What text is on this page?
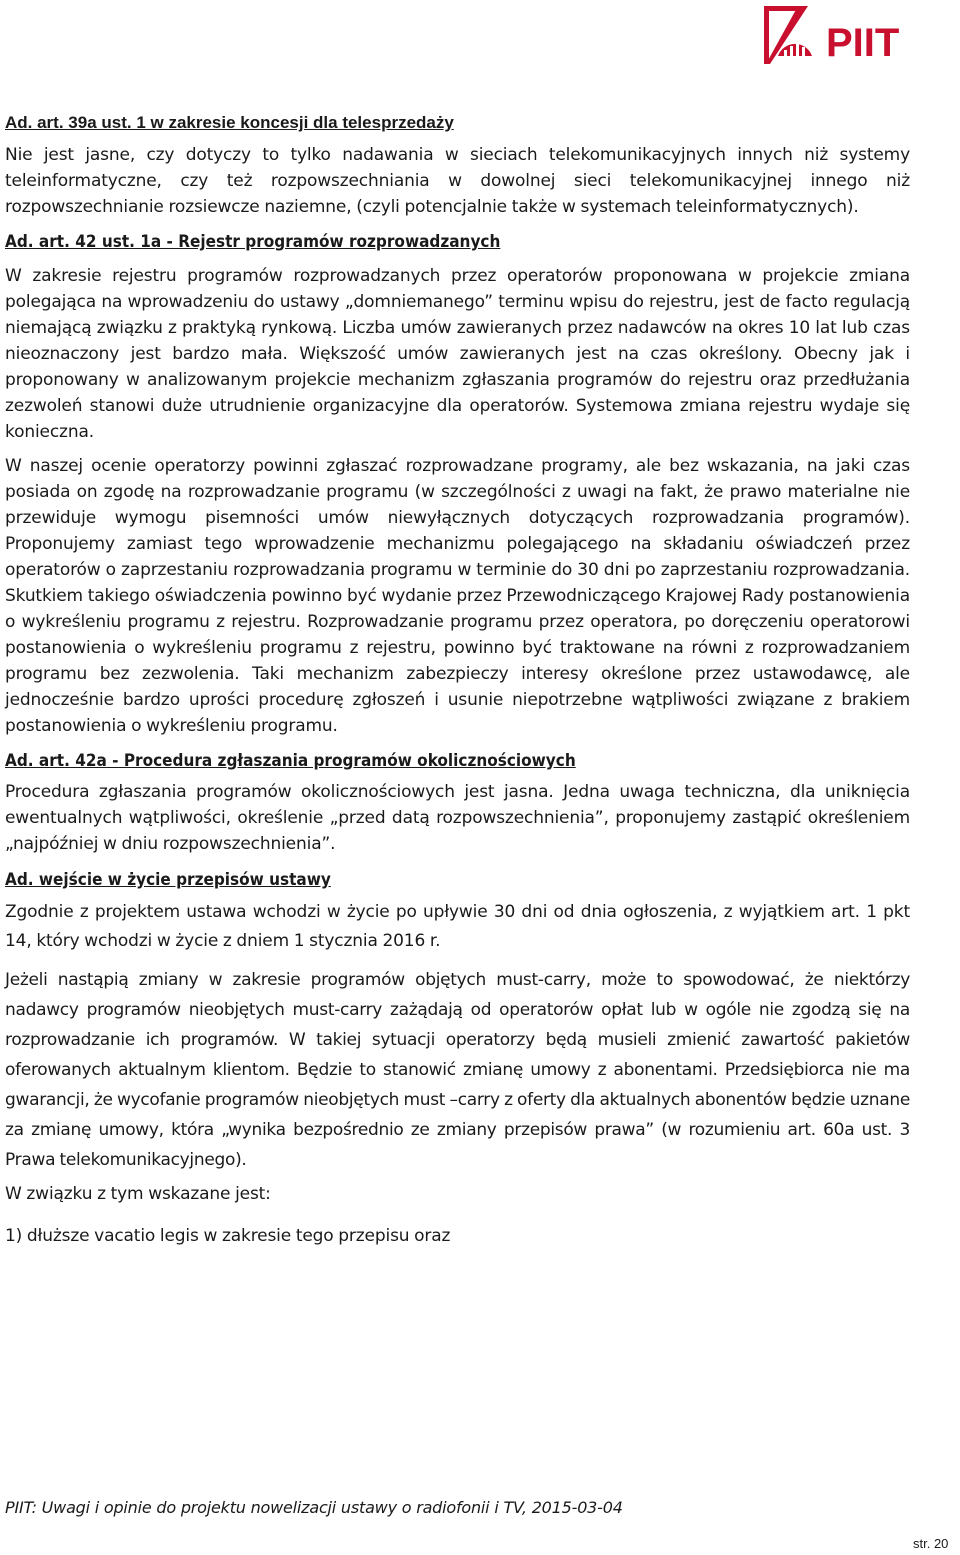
PIIT
Ad. art. 39a ust. 1 w zakresie koncesji dla telesprzedaży

Nie jest jasne, czy dotyczy to tylko nadawania w sieciach telekomunikacyjnych innych niż systemy teleinformatyczne, czy też rozpowszechniania w dowolnej sieci telekomunikacyjnej innego niż rozpowszechnianie rozsiewcze naziemne, (czyli potencjalnie także w systemach teleinformatycznych).

Ad. art. 42 ust. 1a - Rejestr programów rozprowadzanych

W zakresie rejestru programów rozprowadzanych przez operatorów proponowana w projekcie zmiana polegająca na wprowadzeniu do ustawy „domniemanego” terminu wpisu do rejestru, jest de facto regulacją niemającą związku z praktyką rynkową. Liczba umów zawieranych przez nadawców na okres 10 lat lub czas nieoznaczony jest bardzo mała. Większość umów zawieranych jest na czas określony. Obecny jak i proponowany w analizowanym projekcie mechanizm zgłaszania programów do rejestru oraz przedłużania zezwoleń stanowi duże utrudnienie organizacyjne dla operatorów. Systemowa zmiana rejestru wydaje się konieczna.

W naszej ocenie operatorzy powinni zgłaszać rozprowadzane programy, ale bez wskazania, na jaki czas posiada on zgodę na rozprowadzanie programu (w szczególności z uwagi na fakt, że prawo materialne nie przewiduje wymogu pisemności umów niewyłącznych dotyczących rozprowadzania programów). Proponujemy zamiast tego wprowadzenie mechanizmu polegającego na składaniu oświadczeń przez operatorów o zaprzestaniu rozprowadzania programu w terminie do 30 dni po zaprzestaniu rozprowadzania. Skutkiem takiego oświadczenia powinno być wydanie przez Przewodniczącego Krajowej Rady postanowienia o wykreśleniu programu z rejestru. Rozprowadzanie programu przez operatora, po doręczeniu operatorowi postanowienia o wykreśleniu programu z rejestru, powinno być traktowane na równi z rozprowadzaniem programu bez zezwolenia. Taki mechanizm zabezpieczy interesy określone przez ustawodawcę, ale jednocześnie bardzo uprości procedurę zgłoszeń i usunie niepotrzebne wątpliwości związane z brakiem postanowienia o wykreśleniu programu.

Ad. art. 42a - Procedura zgłaszania programów okolicznościowych

Procedura zgłaszania programów okolicznościowych jest jasna. Jedna uwaga techniczna, dla uniknięcia ewentualnych wątpliwości, określenie „przed datą rozpowszechnienia”, proponujemy zastąpić określeniem „najpóźniej w dniu rozpowszechnienia”.

Ad. wejście w życie przepisów ustawy

Zgodnie z projektem ustawa wchodzi w życie po upływie 30 dni od dnia ogłoszenia, z wyjątkiem art. 1 pkt 14, który wchodzi w życie z dniem 1 stycznia 2016 r.

Jeżeli nastąpią zmiany w zakresie programów objętych must-carry, może to spowodować, że niektórzy nadawcy programów nieobjętych must-carry zażądają od operatorów opłat lub w ogóle nie zgodzą się na rozprowadzanie ich programów. W takiej sytuacji operatorzy będą musieli zmienić zawartość pakietów oferowanych aktualnym klientom. Będzie to stanowić zmianę umowy z abonentami. Przedsiębiorca nie ma gwarancji, że wycofanie programów nieobjętych must –carry z oferty dla aktualnych abonentów będzie uznane za zmianę umowy, która „wynika bezpośrednio ze zmiany przepisów prawa” (w rozumieniu art. 60a ust. 3 Prawa telekomunikacyjnego).

W związku z tym wskazane jest:

1) dłuższe vacatio legis w zakresie tego przepisu oraz

PIIT: Uwagi i opinie do projektu nowelizacji ustawy o radiofonii i TV, 2015-03-04
str. 20
